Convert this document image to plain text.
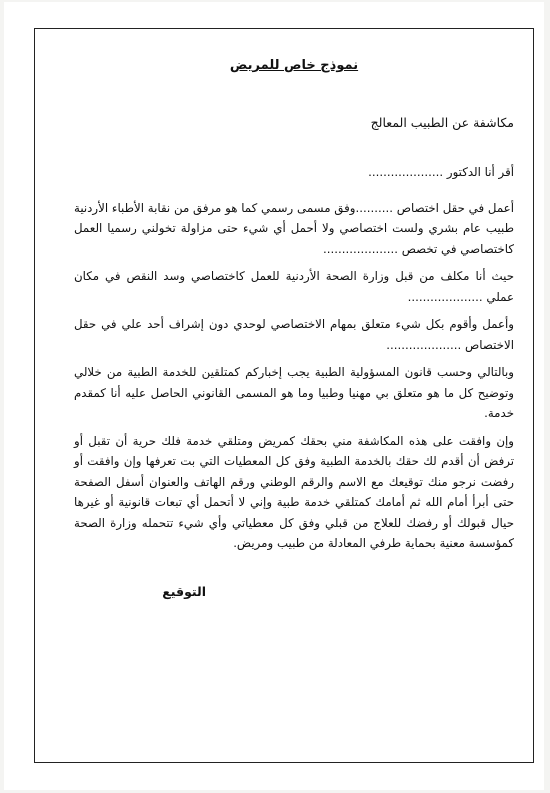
نموذج خاص للمريض
مكاشفة عن الطبيب المعالج

أقر أنا الدكتور ....................

أعمل في حقل اختصاص ..........وفق مسمى رسمي كما هو مرفق من نقابة الأطباء الأردنية طبيب عام بشري ولست اختصاصي ولا أحمل أي شيء حتى مزاولة تخولني رسميا العمل كاختصاصي في تخصص ....................

حيث أنا مكلف من قبل وزارة الصحة الأردنية للعمل كاختصاصي وسد النقص في مكان عملي ....................

وأعمل وأقوم بكل شيء متعلق بمهام الاختصاصي لوحدي دون إشراف أحد علي في حقل الاختصاص ....................

وبالتالي وحسب قانون المسؤولية الطبية يجب إخباركم كمتلقين للخدمة الطبية من خلالي وتوضيح كل ما هو متعلق بي مهنيا وطبيا وما هو المسمى القانوني الحاصل عليه أنا كمقدم خدمة.

وإن وافقت على هذه المكاشفة مني بحقك كمريض ومتلقي خدمة فلك حرية أن تقبل أو ترفض أن أقدم لك حقك بالخدمة الطبية وفق كل المعطيات التي بت تعرفها وإن وافقت أو رفضت نرجو منك توقيعك مع الاسم والرقم الوطني ورقم الهاتف والعنوان أسفل الصفحة حتى أبرأ أمام الله ثم أمامك كمتلقي خدمة طبية وإني لا أتحمل أي تبعات قانونية أو غيرها حيال قبولك أو رفضك للعلاج من قبلي وفق كل معطياتي وأي شيء تتحمله وزارة الصحة كمؤسسة معنية بحماية طرفي المعادلة من طبيب ومريض.

التوقيع
